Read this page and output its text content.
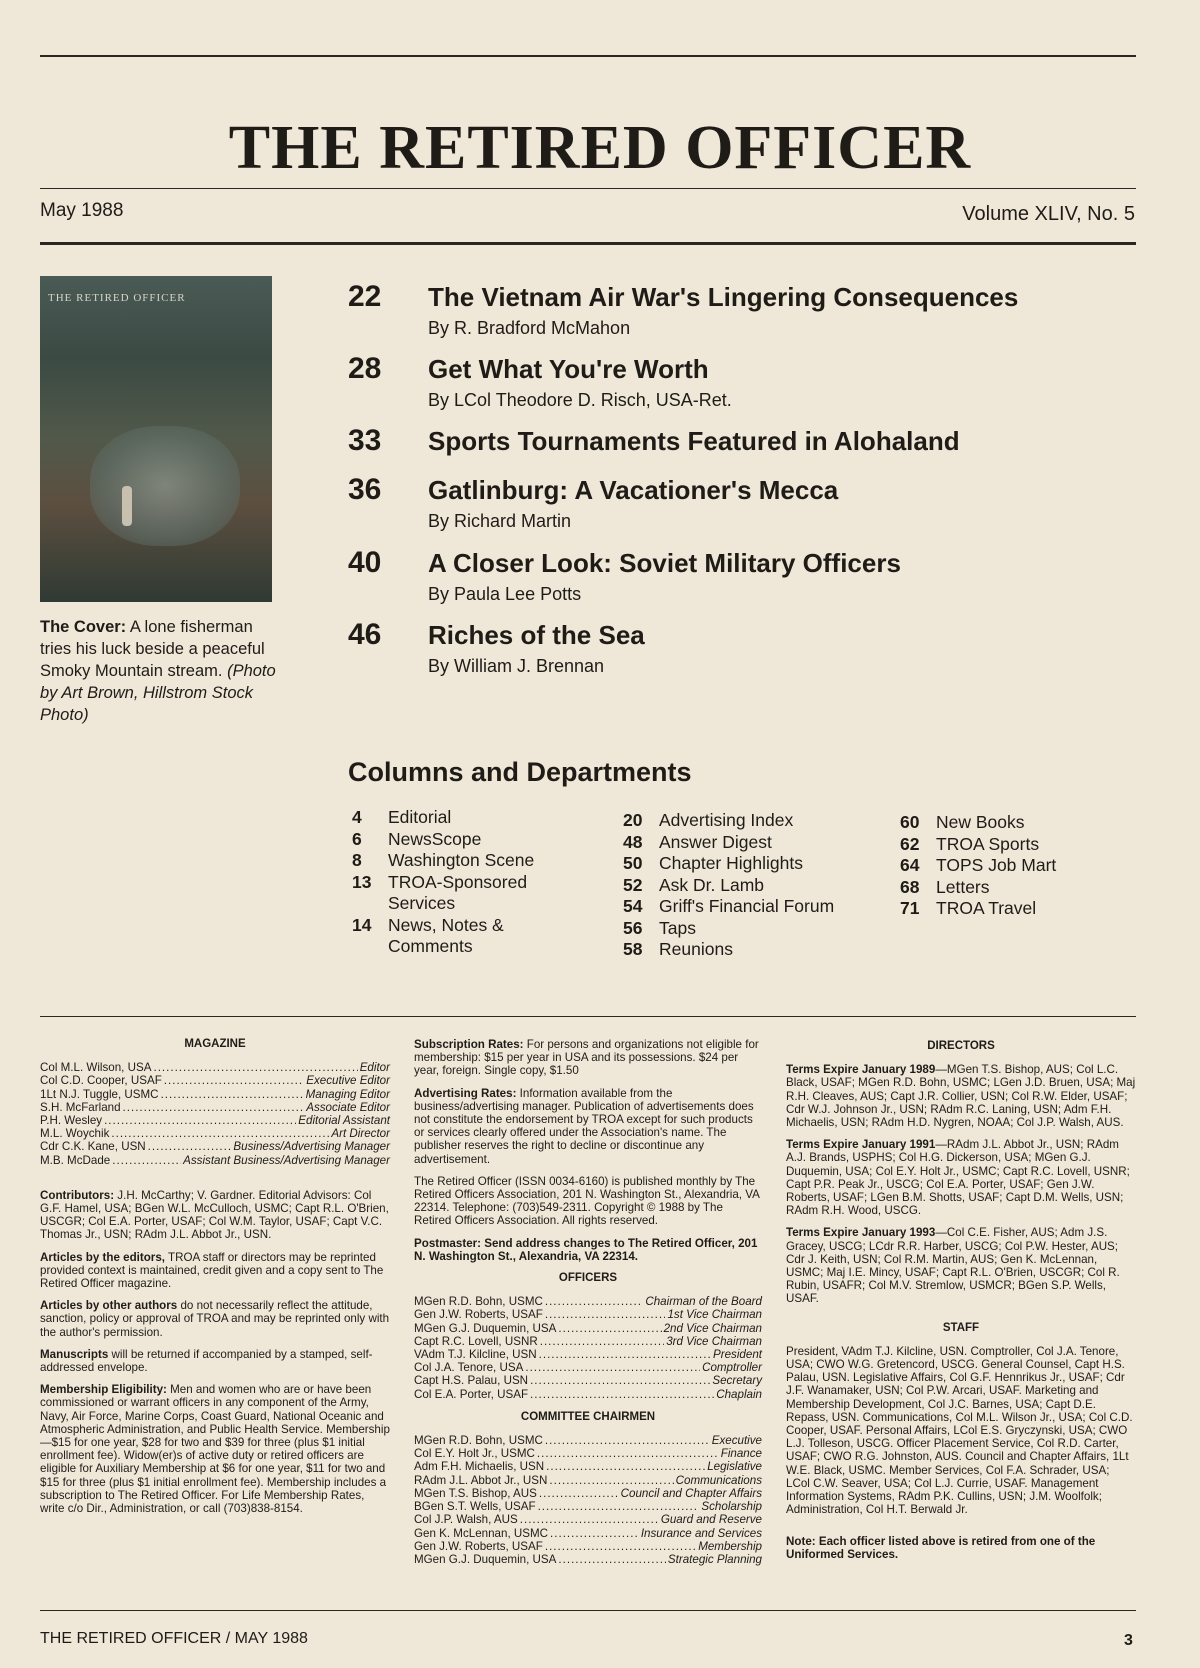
THE RETIRED OFFICER
May 1988	Volume XLIV, No. 5
THE RETIRED OFFICER
The Cover: A lone fisherman tries his luck beside a peaceful Smoky Mountain stream. (Photo by Art Brown, Hillstrom Stock Photo)
22 The Vietnam Air War's Lingering Consequences
By R. Bradford McMahon
28 Get What You're Worth
By LCol Theodore D. Risch, USA-Ret.
33 Sports Tournaments Featured in Alohaland
36 Gatlinburg: A Vacationer's Mecca
By Richard Martin
40 A Closer Look: Soviet Military Officers
By Paula Lee Potts
46 Riches of the Sea
By William J. Brennan
Columns and Departments
4	Editorial
6	NewsScope
8	Washington Scene
13 TROA-Sponsored Services
14 News, Notes & Comments
20 Advertising Index
48 Answer Digest
50 Chapter Highlights
52 Ask Dr. Lamb
54 Griff's Financial Forum
56 Taps
58 Reunions
60 New Books
62 TROA Sports
64 TOPS Job Mart
68 Letters
71 TROA Travel
MAGAZINE
Col M.L. Wilson, USA .....	Editor
Col C.D. Cooper, USAF .....	Executive Editor
1Lt N.J. Tuggle, USMC .....	Managing Editor
S.H. McFarland .....	Associate Editor
P.H. Wesley .....	Editorial Assistant
M.L. Woychik .....	Art Director
Cdr C.K. Kane, USN .....	Business/Advertising Manager
M.B. McDade .....	Assistant Business/Advertising Manager

Contributors: J.H. McCarthy; V. Gardner. Editorial Advisors: Col G.F. Hamel, USA; BGen W.L. McCulloch, USMC; Capt R.L. O'Brien, USCGR; Col E.A. Porter, USAF; Col W.M. Taylor, USAF; Capt V.C. Thomas Jr., USN; RAdm J.L. Abbot Jr., USN.

Articles by the editors, TROA staff or directors may be reprinted provided context is maintained, credit given and a copy sent to The Retired Officer magazine.

Articles by other authors do not necessarily reflect the attitude, sanction, policy or approval of TROA and may be reprinted only with the author's permission.

Manuscripts will be returned if accompanied by a stamped, self-addressed envelope.

Membership Eligibility: Men and women who are or have been commissioned or warrant officers in any component of the Army, Navy, Air Force, Marine Corps, Coast Guard, National Oceanic and Atmospheric Administration, and Public Health Service. Membership—$15 for one year, $28 for two and $39 for three (plus $1 initial enrollment fee). Widow(er)s of active duty or retired officers are eligible for Auxiliary Membership at $6 for one year, $11 for two and $15 for three (plus $1 initial enrollment fee). Membership includes a subscription to The Retired Officer. For Life Membership Rates, write c/o Dir., Administration, or call (703)838-8154.

Subscription Rates: For persons and organizations not eligible for membership: $15 per year in USA and its possessions. $24 per year, foreign. Single copy, $1.50

Advertising Rates: Information available from the business/advertising manager. Publication of advertisements does not constitute the endorsement by TROA except for such products or services clearly offered under the Association's name. The publisher reserves the right to decline or discontinue any advertisement.

The Retired Officer (ISSN 0034-6160) is published monthly by The Retired Officers Association, 201 N. Washington St., Alexandria, VA 22314. Telephone: (703)549-2311. Copyright © 1988 by The Retired Officers Association. All rights reserved.

Postmaster: Send address changes to The Retired Officer, 201 N. Washington St., Alexandria, VA 22314.

OFFICERS
MGen R.D. Bohn, USMC .....	Chairman of the Board
Gen J.W. Roberts, USAF .....	1st Vice Chairman
MGen G.J. Duquemin, USA .....	2nd Vice Chairman
Capt R.C. Lovell, USNR .....	3rd Vice Chairman
VAdm T.J. Kilcline, USN .....	President
Col J.A. Tenore, USA .....	Comptroller
Capt H.S. Palau, USN .....	Secretary
Col E.A. Porter, USAF .....	Chaplain
COMMITTEE CHAIRMEN
MGen R.D. Bohn, USMC .....	Executive
Col E.Y. Holt Jr., USMC .....	Finance
Adm F.H. Michaelis, USN .....	Legislative
RAdm J.L. Abbot Jr., USN .....	Communications
MGen T.S. Bishop, AUS .....	Council and Chapter Affairs
BGen S.T. Wells, USAF .....	Scholarship
Col J.P. Walsh, AUS .....	Guard and Reserve
Gen K. McLennan, USMC .....	Insurance and Services
Gen J.W. Roberts, USAF .....	Membership
MGen G.J. Duquemin, USA .....	Strategic Planning
DIRECTORS

Terms Expire January 1989—MGen T.S. Bishop, AUS; Col L.C. Black, USAF; MGen R.D. Bohn, USMC; LGen J.D. Bruen, USA; Maj R.H. Cleaves, AUS; Capt J.R. Collier, USN; Col R.W. Elder, USAF; Cdr W.J. Johnson Jr., USN; RAdm R.C. Laning, USN; Adm F.H. Michaelis, USN; RAdm H.D. Nygren, NOAA; Col J.P. Walsh, AUS.

Terms Expire January 1991—RAdm J.L. Abbot Jr., USN; RAdm A.J. Brands, USPHS; Col H.G. Dickerson, USA; MGen G.J. Duquemin, USA; Col E.Y. Holt Jr., USMC; Capt R.C. Lovell, USNR; Capt P.R. Peak Jr., USCG; Col E.A. Porter, USAF; Gen J.W. Roberts, USAF; LGen B.M. Shotts, USAF; Capt D.M. Wells, USN; RAdm R.H. Wood, USCG.

Terms Expire January 1993—Col C.E. Fisher, AUS; Adm J.S. Gracey, USCG; LCdr R.R. Harber, USCG; Col P.W. Hester, AUS; Cdr J. Keith, USN; Col R.M. Martin, AUS; Gen K. McLennan, USMC; Maj I.E. Mincy, USAF; Capt R.L. O'Brien, USCGR; Col R. Rubin, USAFR; Col M.V. Stremlow, USMCR; BGen S.P. Wells, USAF.

STAFF

President, VAdm T.J. Kilcline, USN. Comptroller, Col J.A. Tenore, USA; CWO W.G. Gretencord, USCG. General Counsel, Capt H.S. Palau, USN. Legislative Affairs, Col G.F. Hennrikus Jr., USAF; Cdr J.F. Wanamaker, USN; Col P.W. Arcari, USAF. Marketing and Membership Development, Col J.C. Barnes, USA; Capt D.E. Repass, USN. Communications, Col M.L. Wilson Jr., USA; Col C.D. Cooper, USAF. Personal Affairs, LCol E.S. Gryczynski, USA; CWO L.J. Tolleson, USCG. Officer Placement Service, Col R.D. Carter, USAF; CWO R.G. Johnston, AUS. Council and Chapter Affairs, 1Lt W.E. Black, USMC. Member Services, Col F.A. Schrader, USA; LCol C.W. Seaver, USA; Col L.J. Currie, USAF. Management Information Systems, RAdm P.K. Cullins, USN; J.M. Woolfolk; Administration, Col H.T. Berwald Jr.

Note: Each officer listed above is retired from one of the Uniformed Services.

THE RETIRED OFFICER / MAY 1988	3
